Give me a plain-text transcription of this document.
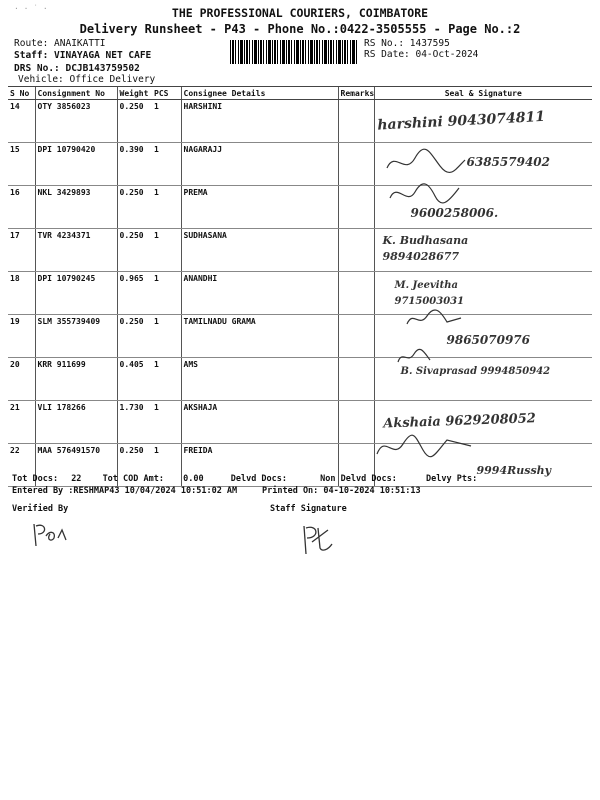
· · ˙ ·	THE PROFESSIONAL COURIERS, COIMBATORE
Delivery Runsheet - P43 - Phone No.:0422-3505555 - Page No.:2
Route: ANAIKATTI
Staff: VINAYAGA NET CAFE
DRS No.: DCJB143759502
Vehicle: Office Delivery
RS No.: 1437595
RS Date: 04-Oct-2024
S No	Consignment No	Weight	PCS	Consignee Details	Remarks	Seal & Signature
14	OTY 3856023	0.250	1	HARSHINI		harshini 9043074811

15	DPI 10790420	0.390	1	NAGARAJJ		6385579402

16	NKL 3429893	0.250	1	PREMA		9600258006.

17	TVR 4234371	0.250	1	SUDHASANA		K. Budhasana 9894028677

18	DPI 10790245	0.965	1	ANANDHI		M. Jeevitha 9715003031

19	SLM 355739409	0.250	1	TAMILNADU GRAMA		9865070976

20	KRR 911699	0.405	1	AMS		B. Sivaprasad 9994850942

21	VLI 178266	1.730	1	AKSHAJA		Akshaia 9629208052

22	MAA 576491570	0.250	1	FREIDA		9994Russhy
Tot Docs: 22 Tot COD Amt: 0.00	Delvd Docs:	Non Delvd Docs:	Delvy Pts:
Entered By :RESHMAP43 10/04/2024 10:51:02 AM	Printed On: 04-10-2024 10:51:13
Verified By	Staff Signature
